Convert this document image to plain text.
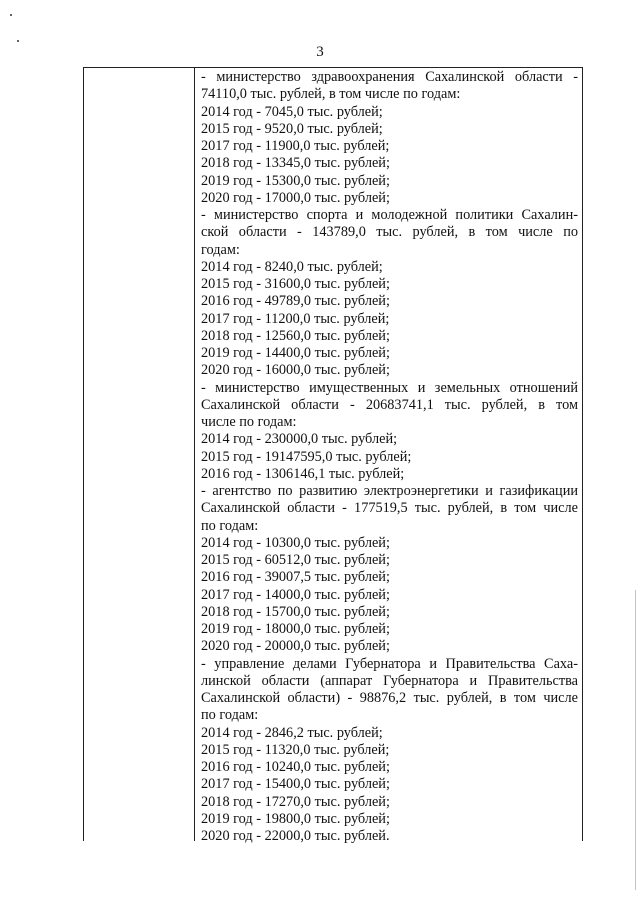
3
- министерство здравоохранения Сахалинской области -
74110,0 тыс. рублей, в том числе по годам:
2014 год - 7045,0 тыс. рублей;
2015 год - 9520,0 тыс. рублей;
2017 год - 11900,0 тыс. рублей;
2018 год - 13345,0 тыс. рублей;
2019 год - 15300,0 тыс. рублей;
2020 год - 17000,0 тыс. рублей;
- министерство спорта и молодежной политики Сахалин-
ской области - 143789,0 тыс. рублей, в том числе по
годам:
2014 год - 8240,0 тыс. рублей;
2015 год - 31600,0 тыс. рублей;
2016 год - 49789,0 тыс. рублей;
2017 год - 11200,0 тыс. рублей;
2018 год - 12560,0 тыс. рублей;
2019 год - 14400,0 тыс. рублей;
2020 год - 16000,0 тыс. рублей;
- министерство имущественных и земельных отношений
Сахалинской области - 20683741,1 тыс. рублей, в том
числе по годам:
2014 год - 230000,0 тыс. рублей;
2015 год - 19147595,0 тыс. рублей;
2016 год - 1306146,1 тыс. рублей;
- агентство по развитию электроэнергетики и газификации
Сахалинской области - 177519,5 тыс. рублей, в том числе
по годам:
2014 год - 10300,0 тыс. рублей;
2015 год - 60512,0 тыс. рублей;
2016 год - 39007,5 тыс. рублей;
2017 год - 14000,0 тыс. рублей;
2018 год - 15700,0 тыс. рублей;
2019 год - 18000,0 тыс. рублей;
2020 год - 20000,0 тыс. рублей;
- управление делами Губернатора и Правительства Саха-
линской области (аппарат Губернатора и Правительства
Сахалинской области) - 98876,2 тыс. рублей, в том числе
по годам:
2014 год - 2846,2 тыс. рублей;
2015 год - 11320,0 тыс. рублей;
2016 год - 10240,0 тыс. рублей;
2017 год - 15400,0 тыс. рублей;
2018 год - 17270,0 тыс. рублей;
2019 год - 19800,0 тыс. рублей;
2020 год - 22000,0 тыс. рублей.
